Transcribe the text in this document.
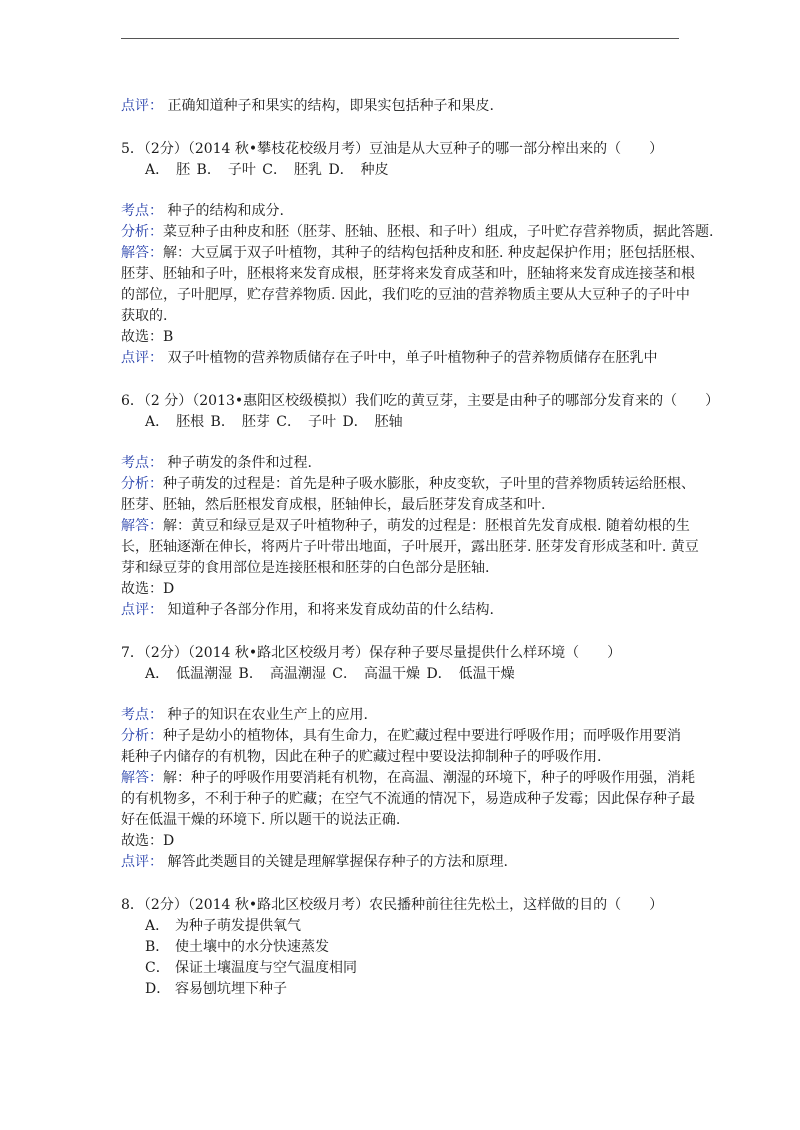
点评： 正确知道种子和果实的结构，即果实包括种子和果皮.
5．（2分）（2014 秋•攀枝花校级月考）豆油是从大豆种子的哪一部分榨出来的（　　）
A．　胚 B．　子叶 C．　胚乳 D．　种皮
考点： 种子的结构和成分.
分析：菜豆种子由种皮和胚（胚芽、胚轴、胚根、和子叶）组成，子叶贮存营养物质，据此答题.
解答：解：大豆属于双子叶植物，其种子的结构包括种皮和胚. 种皮起保护作用；胚包括胚根、
胚芽、胚轴和子叶，胚根将来发育成根，胚芽将来发育成茎和叶，胚轴将来发育成连接茎和根
的部位，子叶肥厚，贮存营养物质. 因此，我们吃的豆油的营养物质主要从大豆种子的子叶中
获取的.
故选：B
点评： 双子叶植物的营养物质储存在子叶中，单子叶植物种子的营养物质储存在胚乳中
6．（2 分）（2013•惠阳区校级模拟）我们吃的黄豆芽，主要是由种子的哪部分发育来的（　　）
A．　胚根 B．　胚芽 C．　子叶 D．　胚轴
考点： 种子萌发的条件和过程.
分析：种子萌发的过程是：首先是种子吸水膨胀，种皮变软，子叶里的营养物质转运给胚根、
胚芽、胚轴，然后胚根发育成根，胚轴伸长，最后胚芽发育成茎和叶.
解答：解：黄豆和绿豆是双子叶植物种子，萌发的过程是：胚根首先发育成根. 随着幼根的生
长，胚轴逐渐在伸长，将两片子叶带出地面，子叶展开，露出胚芽. 胚芽发育形成茎和叶. 黄豆
芽和绿豆芽的食用部位是连接胚根和胚芽的白色部分是胚轴.
故选：D
点评： 知道种子各部分作用，和将来发育成幼苗的什么结构.
7．（2分）（2014 秋•路北区校级月考）保存种子要尽量提供什么样环境（　　）
A．　低温潮湿 B．　高温潮湿 C．　高温干燥 D．　低温干燥
考点： 种子的知识在农业生产上的应用.
分析：种子是幼小的植物体，具有生命力，在贮藏过程中要进行呼吸作用；而呼吸作用要消
耗种子内储存的有机物，因此在种子的贮藏过程中要设法抑制种子的呼吸作用.
解答：解：种子的呼吸作用要消耗有机物，在高温、潮湿的环境下，种子的呼吸作用强，消耗
的有机物多，不利于种子的贮藏；在空气不流通的情况下，易造成种子发霉；因此保存种子最
好在低温干燥的环境下. 所以题干的说法正确.
故选：D
点评： 解答此类题目的关键是理解掌握保存种子的方法和原理.
8．（2分）（2014 秋•路北区校级月考）农民播种前往往先松土，这样做的目的（　　）
A． 为种子萌发提供氧气
B． 使土壤中的水分快速蒸发
C． 保证土壤温度与空气温度相同
D． 容易刨坑埋下种子
